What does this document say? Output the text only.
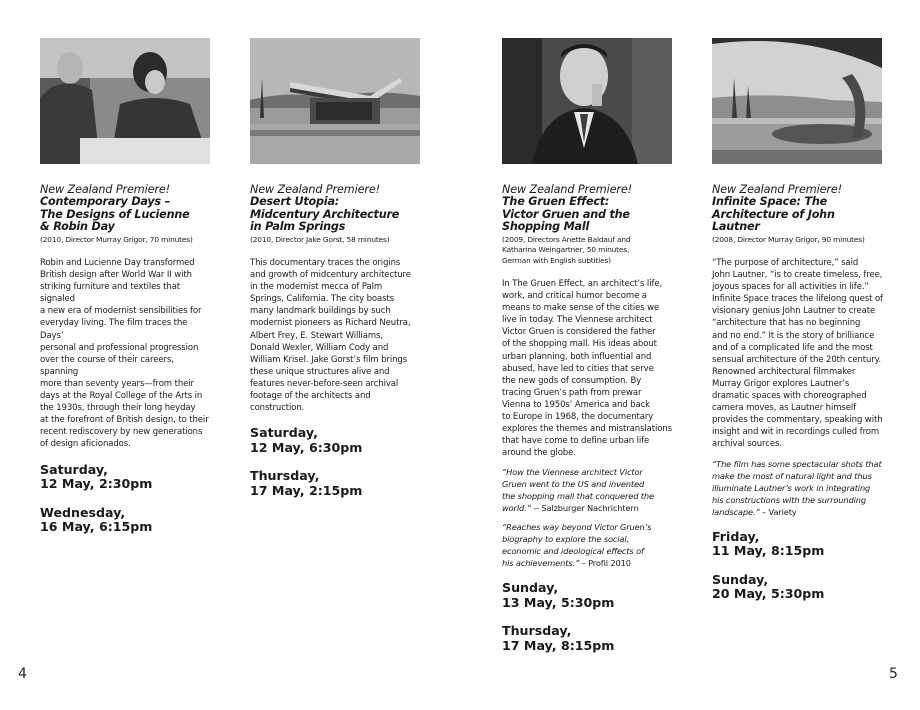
New Zealand Premiere!
Contemporary Days –
The Designs of Lucienne
& Robin Day
(2010, Director Murray Grigor, 70 minutes)
Robin and Lucienne Day transformed
British design after World War II with
striking furniture and textiles that signaled
a new era of modernist sensibilities for
everyday living. The film traces the Days’
personal and professional progression
over the course of their careers, spanning
more than seventy years—from their
days at the Royal College of the Arts in
the 1930s, through their long heyday
at the forefront of British design, to their
recent rediscovery by new generations
of design aficionados.
Saturday,
12 May, 2:30pm
Wednesday,
16 May, 6:15pm
New Zealand Premiere!
Desert Utopia:
Midcentury Architecture
in Palm Springs
(2010, Director Jake Gorst, 58 minutes)
This documentary traces the origins
and growth of midcentury architecture
in the modernist mecca of Palm
Springs, California. The city boasts
many landmark buildings by such
modernist pioneers as Richard Neutra,
Albert Frey, E. Stewart Williams,
Donald Wexler, William Cody and
William Krisel. Jake Gorst’s film brings
these unique structures alive and
features never-before-seen archival
footage of the architects and
construction.
Saturday,
12 May, 6:30pm
Thursday,
17 May, 2:15pm
New Zealand Premiere!
The Gruen Effect:
Victor Gruen and the
Shopping Mall
(2009, Directors Anette Baldauf and
Katharina Weingartner, 50 minutes,
German with English subtitles)
In The Gruen Effect, an architect’s life,
work, and critical humor become a
means to make sense of the cities we
live in today. The Viennese architect
Victor Gruen is considered the father
of the shopping mall. His ideas about
urban planning, both influential and
abused, have led to cities that serve
the new gods of consumption. By
tracing Gruen’s path from prewar
Vienna to 1950s’ America and back
to Europe in 1968, the documentary
explores the themes and mistranslations
that have come to define urban life
around the globe.
“How the Viennese architect Victor
Gruen went to the US and invented
the shopping mall that conquered the
world.” -- Salzburger Nachrichtern
“Reaches way beyond Victor Gruen’s
biography to explore the social,
economic and ideological effects of
his achievements.” – Profil 2010
Sunday,
13 May, 5:30pm
Thursday,
17 May, 8:15pm
New Zealand Premiere!
Infinite Space: The
Architecture of John
Lautner
(2008, Director Murray Grigor, 90 minutes)
“The purpose of architecture,” said
John Lautner, “is to create timeless, free,
joyous spaces for all activities in life.”
Infinite Space traces the lifelong quest of
visionary genius John Lautner to create
“architecture that has no beginning
and no end.” It is the story of brilliance
and of a complicated life and the most
sensual architecture of the 20th century.
Renowned architectural filmmaker
Murray Grigor explores Lautner’s
dramatic spaces with choreographed
camera moves, as Lautner himself
provides the commentary, speaking with
insight and wit in recordings culled from
archival sources.
“The film has some spectacular shots that
make the most of natural light and thus
illuminate Lautner’s work in integrating
his constructions with the surrounding
landscape.” – Variety
Friday,
11 May, 8:15pm
Sunday,
20 May, 5:30pm
4	5
